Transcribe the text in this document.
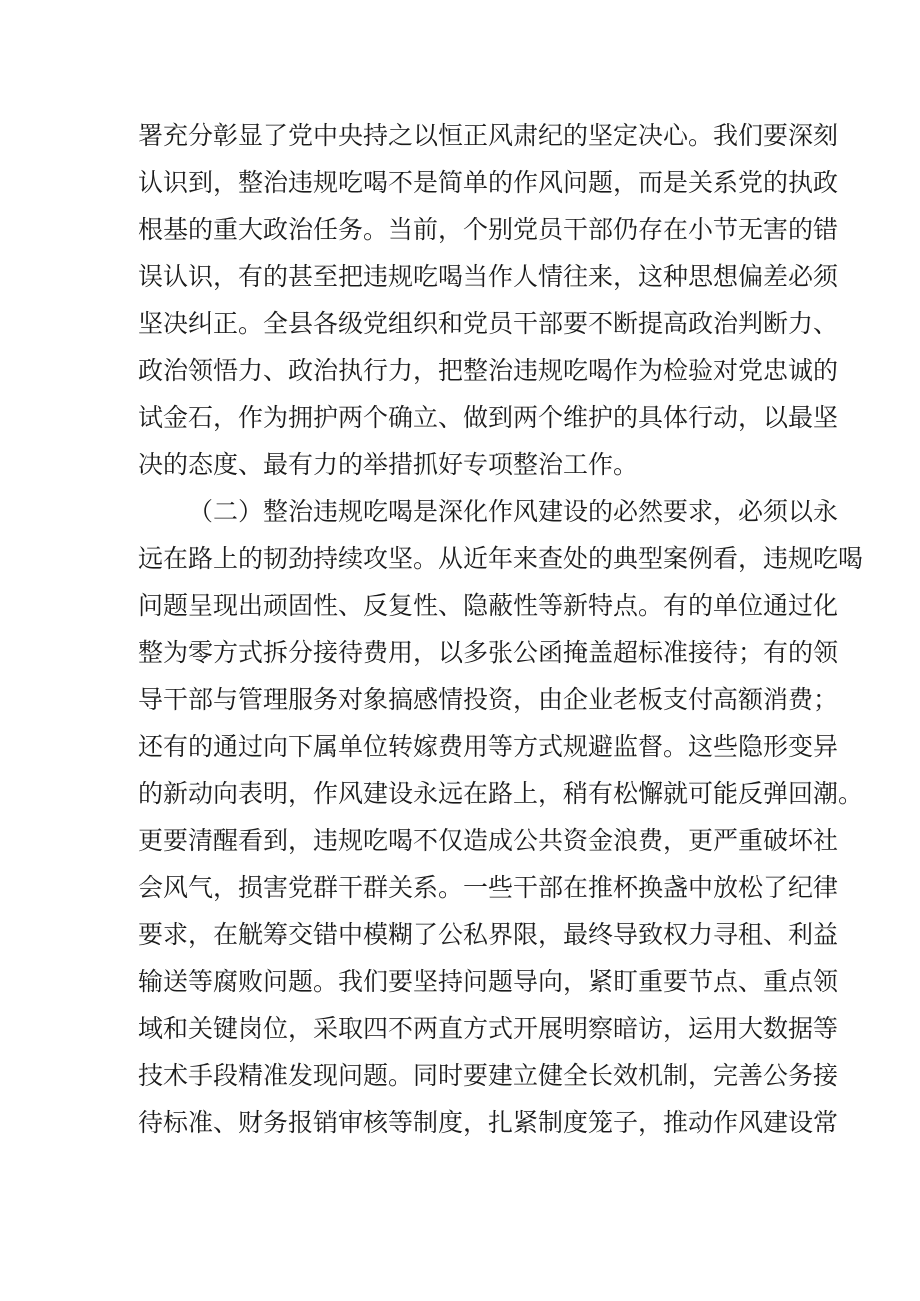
署充分彰显了党中央持之以恒正风肃纪的坚定决心。我们要深刻
认识到，整治违规吃喝不是简单的作风问题，而是关系党的执政
根基的重大政治任务。当前，个别党员干部仍存在小节无害的错
误认识，有的甚至把违规吃喝当作人情往来，这种思想偏差必须
坚决纠正。全县各级党组织和党员干部要不断提高政治判断力、
政治领悟力、政治执行力，把整治违规吃喝作为检验对党忠诚的
试金石，作为拥护两个确立、做到两个维护的具体行动，以最坚
决的态度、最有力的举措抓好专项整治工作。
（二）整治违规吃喝是深化作风建设的必然要求，必须以永
远在路上的韧劲持续攻坚。从近年来查处的典型案例看，违规吃喝
问题呈现出顽固性、反复性、隐蔽性等新特点。有的单位通过化
整为零方式拆分接待费用，以多张公函掩盖超标准接待；有的领
导干部与管理服务对象搞感情投资，由企业老板支付高额消费；
还有的通过向下属单位转嫁费用等方式规避监督。这些隐形变异
的新动向表明，作风建设永远在路上，稍有松懈就可能反弹回潮。
更要清醒看到，违规吃喝不仅造成公共资金浪费，更严重破坏社
会风气，损害党群干群关系。一些干部在推杯换盏中放松了纪律
要求，在觥筹交错中模糊了公私界限，最终导致权力寻租、利益
输送等腐败问题。我们要坚持问题导向，紧盯重要节点、重点领
域和关键岗位，采取四不两直方式开展明察暗访，运用大数据等
技术手段精准发现问题。同时要建立健全长效机制，完善公务接
待标准、财务报销审核等制度，扎紧制度笼子，推动作风建设常
